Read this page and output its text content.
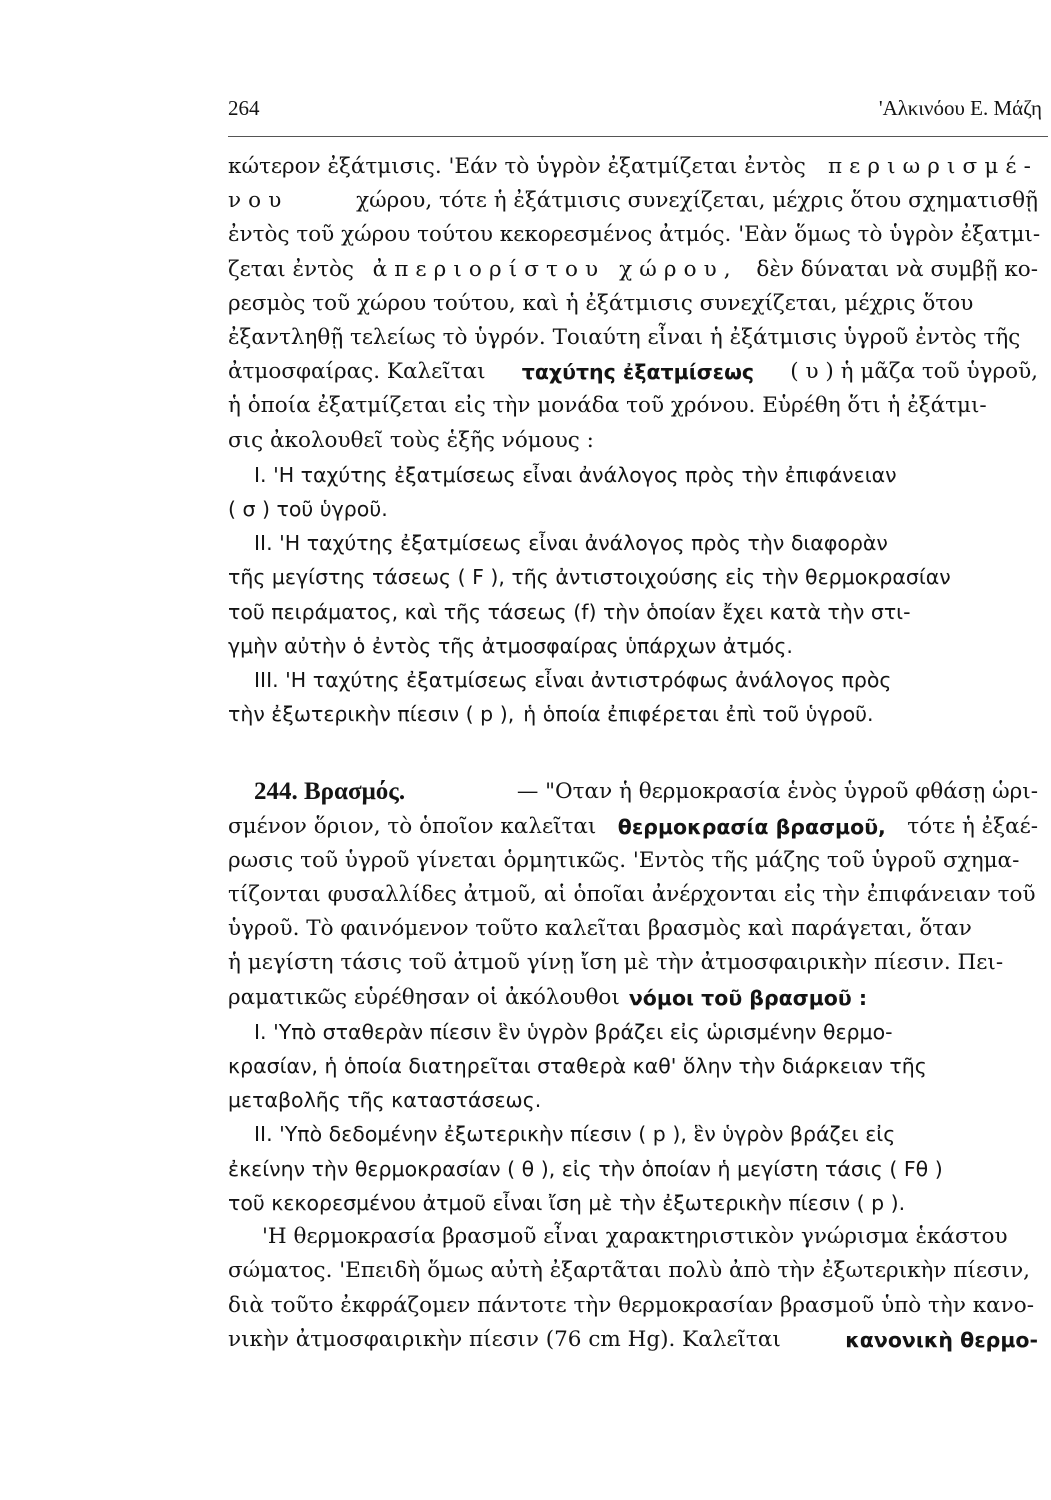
264	'Αλκινόου Ε. Μάζη
κώτερον ἐξάτμισις. 'Εάν τὸ ὑγρὸν ἐξατμίζεται ἐντὸς περιωρισμέ-
νου	χώρου, τότε ἡ ἐξάτμισις συνεχίζεται, μέχρις ὅτου σχηματισθῇ
ἐντὸς τοῦ χώρου τούτου κεκορεσμένος ἀτμός. 'Εὰν ὅμως τὸ ὑγρὸν ἐξατμι-
ζεται ἐντὸς ἀπεριορίστου χώρου, δὲν δύναται νὰ συμβῇ κο-
ρεσμὸς τοῦ χώρου τούτου, καὶ ἡ ἐξάτμισις συνεχίζεται, μέχρις ὅτου
ἐξαντληθῇ τελείως τὸ ὑγρόν. Τοιαύτη εἶναι ἡ ἐξάτμισις ὑγροῦ ἐντὸς τῆς
ἀτμοσφαίρας. Καλεῖται ταχύτης ἐξατμίσεως ( υ ) ἡ μᾶζα τοῦ ὑγροῦ,
ἡ ὁποία ἐξατμίζεται εἰς τὴν μονάδα τοῦ χρόνου. Εὑρέθη ὅτι ἡ ἐξάτμι-
σις ἀκολουθεῖ τοὺς ἑξῆς νόμους :
I. 'Η ταχύτης ἐξατμίσεως εἶναι ἀνάλογος πρὸς τὴν ἐπιφάνειαν
( σ ) τοῦ ὑγροῦ.
II. 'Η ταχύτης ἐξατμίσεως εἶναι ἀνάλογος πρὸς τὴν διαφορὰν
τῆς μεγίστης τάσεως ( F ), τῆς ἀντιστοιχούσης εἰς τὴν θερμοκρασίαν
τοῦ πειράματος, καὶ τῆς τάσεως (f) τὴν ὁποίαν ἔχει κατὰ τὴν στι-
γμὴν αὐτὴν ὁ ἐντὸς τῆς ἀτμοσφαίρας ὑπάρχων ἀτμός.
III. 'Η ταχύτης ἐξατμίσεως εἶναι ἀντιστρόφως ἀνάλογος πρὸς
τὴν ἐξωτερικὴν πίεσιν ( p ), ἡ ὁποία ἐπιφέρεται ἐπὶ τοῦ ὑγροῦ.
244. Βρασμός.	— "Οταν ἡ θερμοκρασία ἑνὸς ὑγροῦ φθάσῃ ὡρι-
σμένον ὅριον, τὸ ὁποῖον καλεῖται θερμοκρασία βρασμοῦ, τότε ἡ ἐξαέ-
ρωσις τοῦ ὑγροῦ γίνεται ὁρμητικῶς. 'Εντὸς τῆς μάζης τοῦ ὑγροῦ σχημα-
τίζονται φυσαλλίδες ἀτμοῦ, αἱ ὁποῖαι ἀνέρχονται εἰς τὴν ἐπιφάνειαν τοῦ
ὑγροῦ. Τὸ φαινόμενον τοῦτο καλεῖται βρασμὸς καὶ παράγεται, ὅταν
ἡ μεγίστη τάσις τοῦ ἀτμοῦ γίνῃ ἴση μὲ τὴν ἀτμοσφαιρικὴν πίεσιν. Πει-
ραματικῶς εὑρέθησαν οἱ ἀκόλουθοι νόμοι τοῦ βρασμοῦ :
I. 'Υπὸ σταθερὰν πίεσιν ἓν ὑγρὸν βράζει εἰς ὡρισμένην θερμο-
κρασίαν, ἡ ὁποία διατηρεῖται σταθερὰ καθ' ὅλην τὴν διάρκειαν τῆς
μεταβολῆς τῆς καταστάσεως.
II. 'Υπὸ δεδομένην ἐξωτερικὴν πίεσιν ( p ), ἓν ὑγρὸν βράζει εἰς
ἐκείνην τὴν θερμοκρασίαν ( θ ), εἰς τὴν ὁποίαν ἡ μεγίστη τάσις ( Fθ )
τοῦ κεκορεσμένου ἀτμοῦ εἶναι ἴση μὲ τὴν ἐξωτερικὴν πίεσιν ( p ).
'Η θερμοκρασία βρασμοῦ εἶναι χαρακτηριστικὸν γνώρισμα ἑκάστου
σώματος. 'Επειδὴ ὅμως αὐτὴ ἐξαρτᾶται πολὺ ἀπὸ τὴν ἐξωτερικὴν πίεσιν,
διὰ τοῦτο ἐκφράζομεν πάντοτε τὴν θερμοκρασίαν βρασμοῦ ὑπὸ τὴν κανο-
νικὴν ἀτμοσφαιρικὴν πίεσιν (76 cm Hg). Καλεῖται	κανονικὴ θερμο-
